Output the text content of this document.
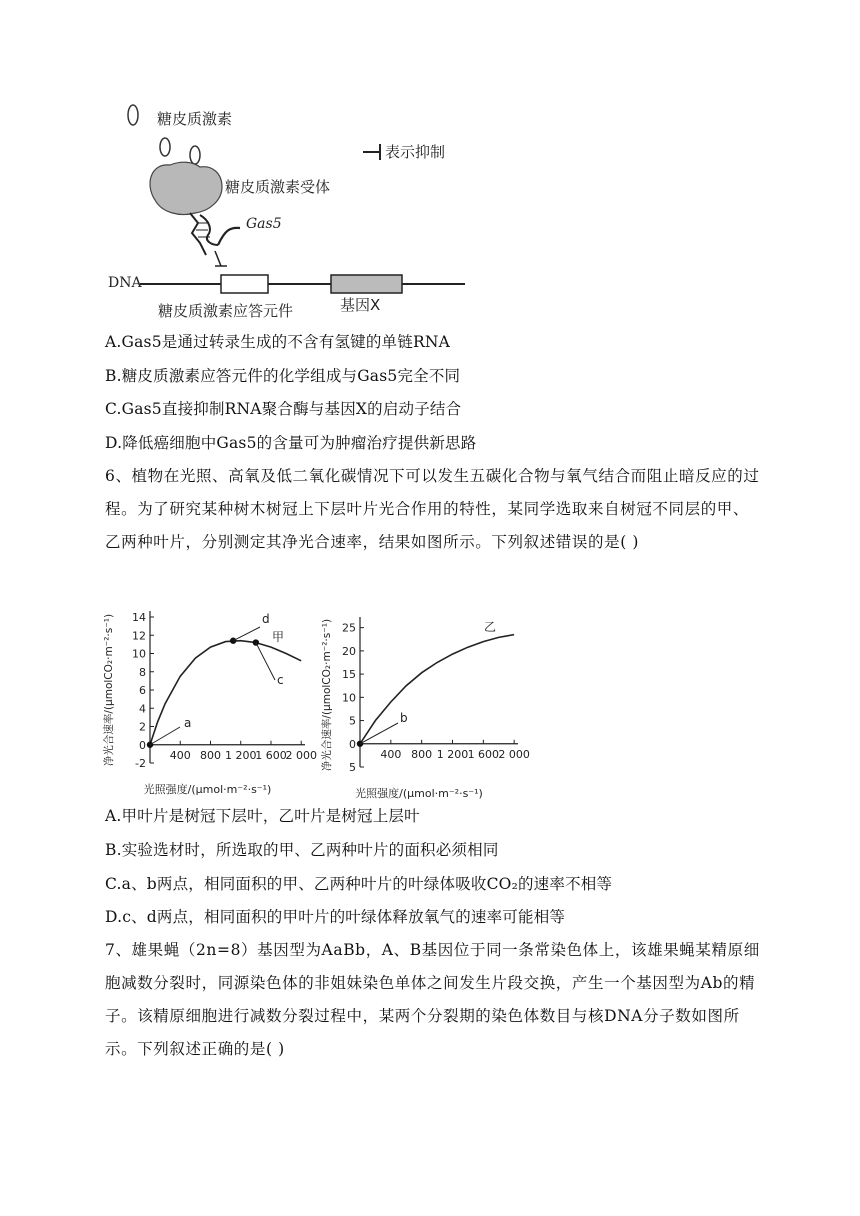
糖皮质激素
表示抑制
糖皮质激素受体
Gas5
DNA
糖皮质激素应答元件	基因X
A.Gas5是通过转录生成的不含有氢键的单链RNA
B.糖皮质激素应答元件的化学组成与Gas5完全不同
C.Gas5直接抑制RNA聚合酶与基因X的启动子结合
D.降低癌细胞中Gas5的含量可为肿瘤治疗提供新思路
6、植物在光照、高氧及低二氧化碳情况下可以发生五碳化合物与氧气结合而阻止暗反应的过程。为了研究某种树木树冠上下层叶片光合作用的特性，某同学选取来自树冠不同层的甲、乙两种叶片，分别测定其净光合速率，结果如图所示。下列叙述错误的是( )
-2
0
2
4
6
8
10
12
14
400 800 1 200
1 600
2 000
甲
a
d
c
光照强度/(μmol·m⁻²·s⁻¹)
净光合速率/(μmolCO₂·m⁻²·s⁻¹)
5
0
5
10
15
20
25
400 800 1 200 1 600 2 000
乙
b
光照强度/(μmol·m⁻²·s⁻¹)
净光合速率/(μmolCO₂·m⁻²·s⁻¹)
A.甲叶片是树冠下层叶，乙叶片是树冠上层叶
B.实验选材时，所选取的甲、乙两种叶片的面积必须相同
C.a、b两点，相同面积的甲、乙两种叶片的叶绿体吸收CO₂的速率不相等
D.c、d两点，相同面积的甲叶片的叶绿体释放氧气的速率可能相等
7、雄果蝇（2n=8）基因型为AaBb，A、B基因位于同一条常染色体上，该雄果蝇某精原细胞减数分裂时，同源染色体的非姐妹染色单体之间发生片段交换，产生一个基因型为Ab的精子。该精原细胞进行减数分裂过程中，某两个分裂期的染色体数目与核DNA分子数如图所示。下列叙述正确的是( )
